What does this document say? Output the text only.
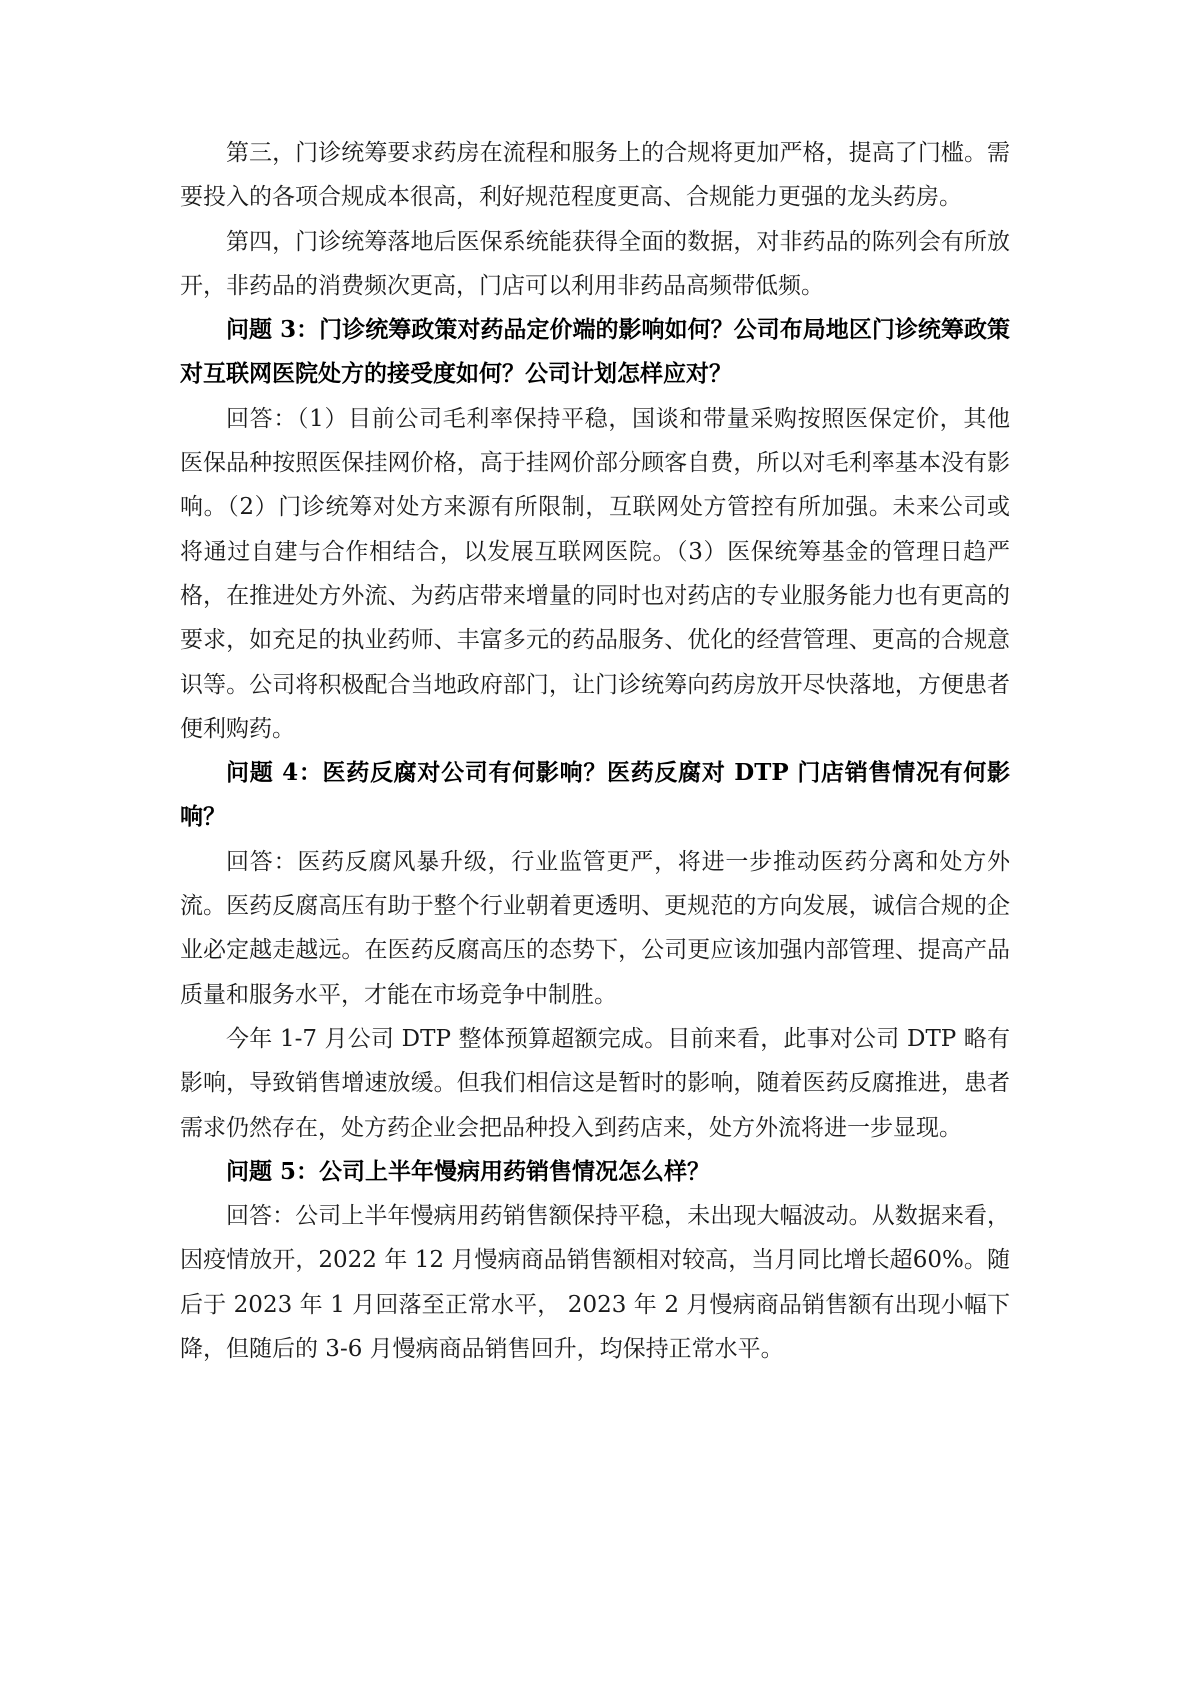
第三，门诊统筹要求药房在流程和服务上的合规将更加严格，提高了门槛。需要投入的各项合规成本很高，利好规范程度更高、合规能力更强的龙头药房。

第四，门诊统筹落地后医保系统能获得全面的数据，对非药品的陈列会有所放开，非药品的消费频次更高，门店可以利用非药品高频带低频。

问题 3：门诊统筹政策对药品定价端的影响如何？公司布局地区门诊统筹政策对互联网医院处方的接受度如何？公司计划怎样应对？

回答：（1）目前公司毛利率保持平稳，国谈和带量采购按照医保定价，其他医保品种按照医保挂网价格，高于挂网价部分顾客自费，所以对毛利率基本没有影响。（2）门诊统筹对处方来源有所限制，互联网处方管控有所加强。未来公司或将通过自建与合作相结合，以发展互联网医院。（3）医保统筹基金的管理日趋严格，在推进处方外流、为药店带来增量的同时也对药店的专业服务能力也有更高的要求，如充足的执业药师、丰富多元的药品服务、优化的经营管理、更高的合规意识等。公司将积极配合当地政府部门，让门诊统筹向药房放开尽快落地，方便患者便利购药。

问题 4：医药反腐对公司有何影响？医药反腐对 DTP 门店销售情况有何影响？

回答：医药反腐风暴升级，行业监管更严，将进一步推动医药分离和处方外流。医药反腐高压有助于整个行业朝着更透明、更规范的方向发展，诚信合规的企业必定越走越远。在医药反腐高压的态势下，公司更应该加强内部管理、提高产品质量和服务水平，才能在市场竞争中制胜。

今年 1-7 月公司 DTP 整体预算超额完成。目前来看，此事对公司 DTP 略有影响，导致销售增速放缓。但我们相信这是暂时的影响，随着医药反腐推进，患者需求仍然存在，处方药企业会把品种投入到药店来，处方外流将进一步显现。

问题 5：公司上半年慢病用药销售情况怎么样？

回答：公司上半年慢病用药销售额保持平稳，未出现大幅波动。从数据来看，因疫情放开，2022 年 12 月慢病商品销售额相对较高，当月同比增长超60%。随后于 2023 年 1 月回落至正常水平， 2023 年 2 月慢病商品销售额有出现小幅下降，但随后的 3-6 月慢病商品销售回升，均保持正常水平。
